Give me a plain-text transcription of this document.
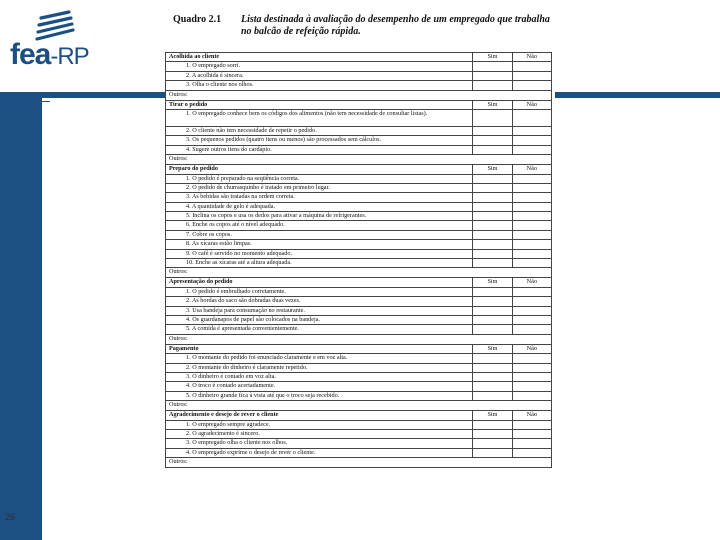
fea-RP
26
Quadro 2.1 Lista destinada à avaliação do desempenho de um empregado que trabalha no balcão de refeição rápida.
Acolhida ao cliente	Sim	Não
1. O empregado sorri.		
2. A acolhida é sincera.		
3. Olha o cliente nos olhos.		
Outros:		
Tirar o pedido	Sim	Não
1. O empregado conhece bem os códigos dos alimentos (não tem necessidade de consultar listas).		
2. O cliente não tem necessidade de repetir o pedido.		
3. Os pequenos pedidos (quatro itens ou menos) são processados sem cálculos.		
4. Sugere outros itens do cardápio.		
Outros:		
Preparo do pedido	Sim	Não
1. O pedido é preparado na seqüência correta.		
2. O pedido de churrasquinho é tratado em primeiro lugar.		
3. As bebidas são tratadas na ordem correta.		
4. A quantidade de gelo é adequada.		
5. Inclina os copos e usa os dedos para ativar a máquina de refrigerantes.		
6. Enche os copos até o nível adequado.		
7. Cobre os copos.		
8. As xícaras estão limpas.		
9. O café é servido no momento adequado.		
10. Enche as xícaras até a altura adequada.		
Outros:		
Apresentação do pedido	Sim	Não
1. O pedido é embrulhado corretamente.		
2. As bordas do saco são dobradas duas vezes.		
3. Usa bandeja para consumação no restaurante.		
4. Os guardanapos de papel são colocados na bandeja.		
5. A comida é apresentada convenientemente.		
Outros:		
Pagamento	Sim	Não
1. O montante do pedido foi enunciado claramente e em voz alta.		
2. O montante do dinheiro é claramente repetido.		
3. O dinheiro é contado em voz alta.		
4. O troco é contado acertadamente.		
5. O dinheiro grande fica à vista até que o troco seja recebido.		
Outros:		
Agradecimento e desejo de rever o cliente	Sim	Não
1. O empregado sempre agradece.		
2. O agradecimento é sincero.		
3. O empregado olha o cliente nos olhos.		
4. O empregado exprime o desejo de rever o cliente.		
Outros:		
